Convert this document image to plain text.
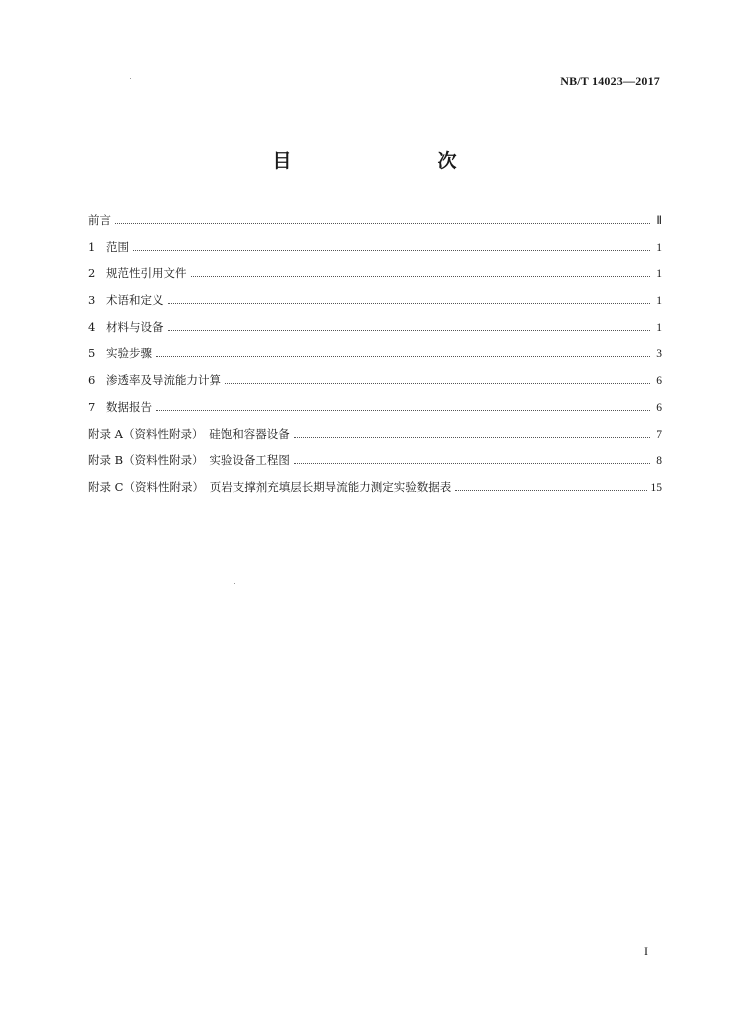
NB/T 14023—2017
目　　次
前言	Ⅱ
1 范围	1
2 规范性引用文件	1
3 术语和定义	1
4 材料与设备	1
5 实验步骤	3
6 渗透率及导流能力计算	6
7 数据报告	6
附录 A（资料性附录）　硅饱和容器设备	7
附录 B（资料性附录）　实验设备工程图	8
附录 C（资料性附录）　页岩支撑剂充填层长期导流能力测定实验数据表	15
I
